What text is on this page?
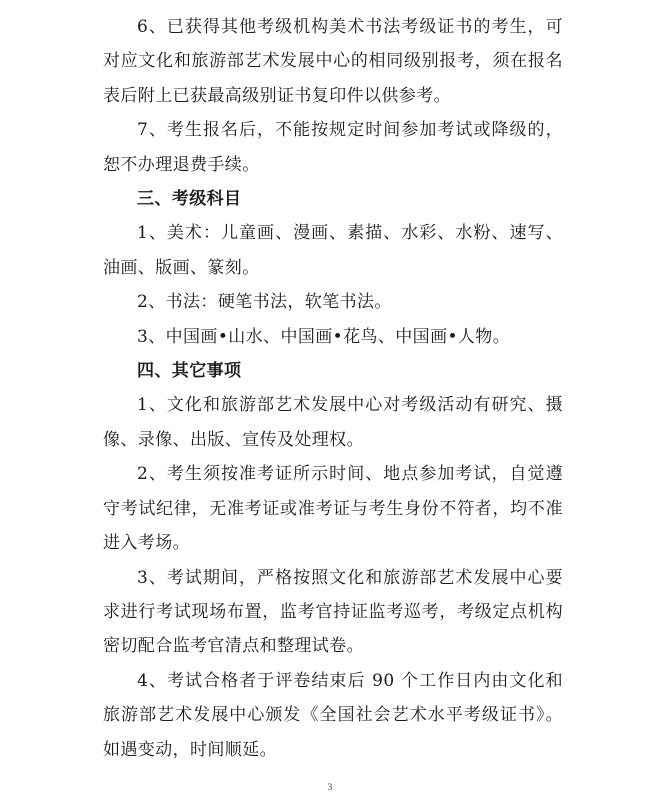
6、已获得其他考级机构美术书法考级证书的考生，可对应文化和旅游部艺术发展中心的相同级别报考，须在报名表后附上已获最高级别证书复印件以供参考。

7、考生报名后，不能按规定时间参加考试或降级的，恕不办理退费手续。

三、考级科目

1、美术：儿童画、漫画、素描、水彩、水粉、速写、油画、版画、篆刻。

2、书法：硬笔书法，软笔书法。

3、中国画•山水、中国画•花鸟、中国画•人物。

四、其它事项

1、文化和旅游部艺术发展中心对考级活动有研究、摄像、录像、出版、宣传及处理权。

2、考生须按准考证所示时间、地点参加考试，自觉遵守考试纪律，无准考证或准考证与考生身份不符者，均不准进入考场。

3、考试期间，严格按照文化和旅游部艺术发展中心要求进行考试现场布置，监考官持证监考巡考，考级定点机构密切配合监考官清点和整理试卷。

4、考试合格者于评卷结束后 90 个工作日内由文化和旅游部艺术发展中心颁发《全国社会艺术水平考级证书》。如遇变动，时间顺延。

3
